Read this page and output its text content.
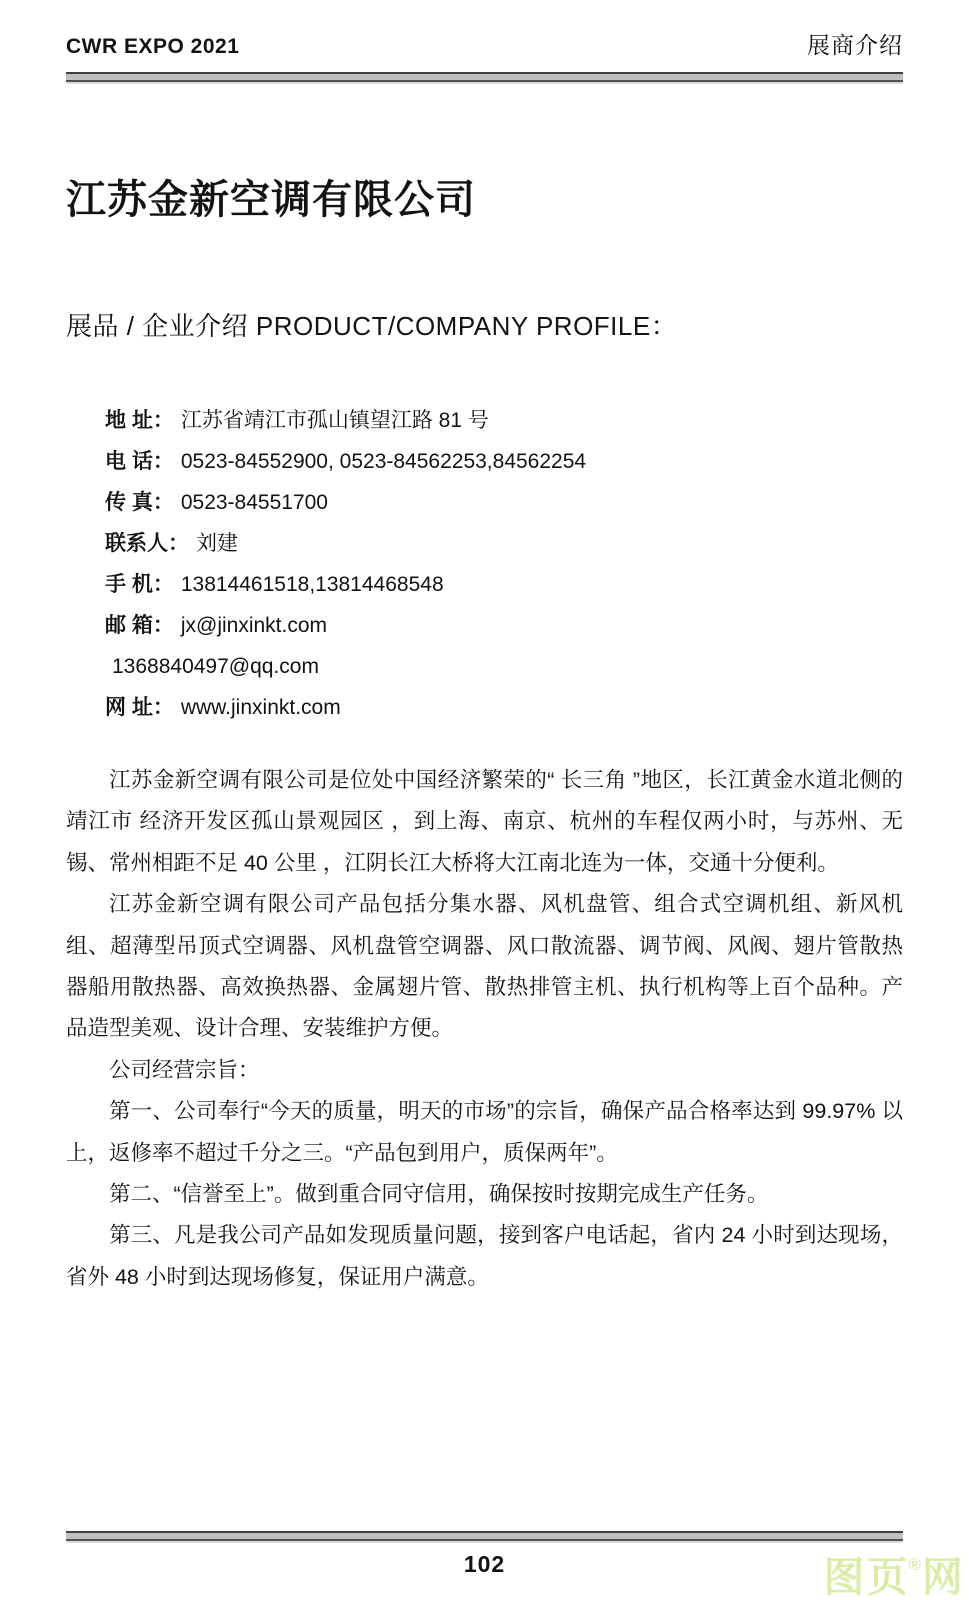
CWR EXPO 2021	展商介绍
江苏金新空调有限公司
展品 / 企业介绍 PRODUCT/COMPANY PROFILE：
地 址： 江苏省靖江市孤山镇望江路 81 号
电 话： 0523-84552900, 0523-84562253,84562254
传 真： 0523-84551700
联系人： 刘建
手 机： 13814461518,13814468548
邮 箱： jx@jinxinkt.com
1368840497@qq.com
网 址： www.jinxinkt.com

江苏金新空调有限公司是位处中国经济繁荣的“ 长三角 ”地区，长江黄金水道北侧的靖江市 经济开发区孤山景观园区 ，到上海、南京、杭州的车程仅两小时，与苏州、无锡、常州相距不足 40 公里 ，江阴长江大桥将大江南北连为一体，交通十分便利。

江苏金新空调有限公司产品包括分集水器、风机盘管、组合式空调机组、新风机组、超薄型吊顶式空调器、风机盘管空调器、风口散流器、调节阀、风阀、翅片管散热器船用散热器、高效换热器、金属翅片管、散热排管主机、执行机构等上百个品种。产品造型美观、设计合理、安装维护方便。

公司经营宗旨：

第一、公司奉行“今天的质量，明天的市场”的宗旨，确保产品合格率达到 99.97% 以上，返修率不超过千分之三。“产品包到用户，质保两年”。

第二、“信誉至上”。做到重合同守信用，确保按时按期完成生产任务。

第三、凡是我公司产品如发现质量问题，接到客户电话起，省内 24 小时到达现场，省外 48 小时到达现场修复，保证用户满意。

102	图页®网
